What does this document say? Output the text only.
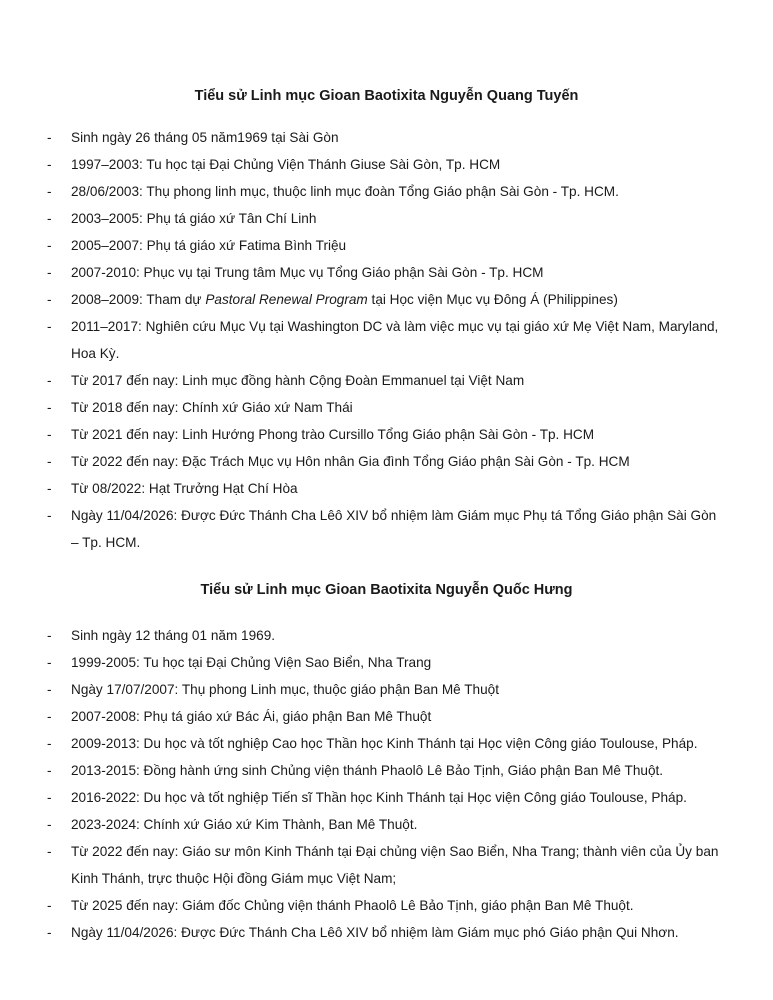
Tiểu sử Linh mục Gioan Baotixita Nguyễn Quang Tuyến
- Sinh ngày 26 tháng 05 năm1969 tại Sài Gòn
- 1997–2003: Tu học tại Đại Chủng Viện Thánh Giuse Sài Gòn, Tp. HCM
- 28/06/2003: Thụ phong linh mục, thuộc linh mục đoàn Tổng Giáo phận Sài Gòn - Tp. HCM.
- 2003–2005: Phụ tá giáo xứ Tân Chí Linh
- 2005–2007: Phụ tá giáo xứ Fatima Bình Triệu
- 2007-2010: Phục vụ tại Trung tâm Mục vụ Tổng Giáo phận Sài Gòn - Tp. HCM
- 2008–2009: Tham dự Pastoral Renewal Program tại Học viện Mục vụ Đông Á (Philippines)
- 2011–2017: Nghiên cứu Mục Vụ tại Washington DC và làm việc mục vụ tại giáo xứ Mẹ Việt Nam, Maryland, Hoa Kỳ.
- Từ 2017 đến nay: Linh mục đồng hành Cộng Đoàn Emmanuel tại Việt Nam
- Từ 2018 đến nay: Chính xứ Giáo xứ Nam Thái
- Từ 2021 đến nay: Linh Hướng Phong trào Cursillo Tổng Giáo phận Sài Gòn - Tp. HCM
- Từ 2022 đến nay: Đặc Trách Mục vụ Hôn nhân Gia đình Tổng Giáo phận Sài Gòn - Tp. HCM
- Từ 08/2022: Hạt Trưởng Hạt Chí Hòa
- Ngày 11/04/2026: Được Đức Thánh Cha Lêô XIV bổ nhiệm làm Giám mục Phụ tá Tổng Giáo phận Sài Gòn – Tp. HCM.
Tiểu sử Linh mục Gioan Baotixita Nguyễn Quốc Hưng
- Sinh ngày 12 tháng 01 năm 1969.
- 1999-2005: Tu học tại Đại Chủng Viện Sao Biển, Nha Trang
- Ngày 17/07/2007: Thụ phong Linh mục, thuộc giáo phận Ban Mê Thuột
- 2007-2008: Phụ tá giáo xứ Bác Ái, giáo phận Ban Mê Thuột
- 2009-2013: Du học và tốt nghiệp Cao học Thần học Kinh Thánh tại Học viện Công giáo Toulouse, Pháp.
- 2013-2015: Đồng hành ứng sinh Chủng viện thánh Phaolô Lê Bảo Tịnh, Giáo phận Ban Mê Thuột.
- 2016-2022: Du học và tốt nghiệp Tiến sĩ Thần học Kinh Thánh tại Học viện Công giáo Toulouse, Pháp.
- 2023-2024: Chính xứ Giáo xứ Kim Thành, Ban Mê Thuột.
- Từ 2022 đến nay: Giáo sư môn Kinh Thánh tại Đại chủng viện Sao Biển, Nha Trang; thành viên của Ủy ban Kinh Thánh, trực thuộc Hội đồng Giám mục Việt Nam;
- Từ 2025 đến nay: Giám đốc Chủng viện thánh Phaolô Lê Bảo Tịnh, giáo phận Ban Mê Thuột.
- Ngày 11/04/2026: Được Đức Thánh Cha Lêô XIV bổ nhiệm làm Giám mục phó Giáo phận Qui Nhơn.
